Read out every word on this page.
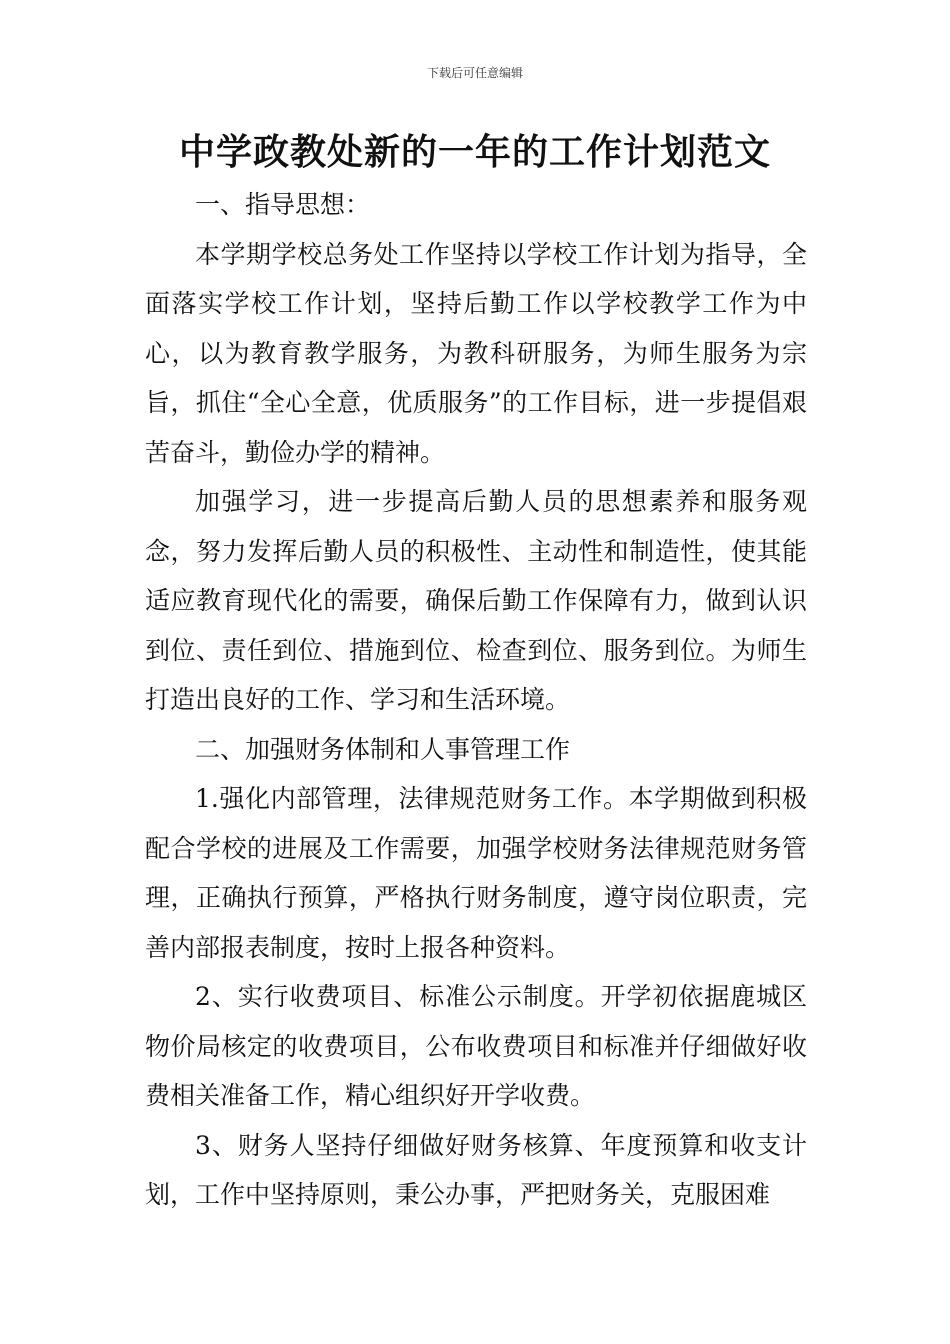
下载后可任意编辑
中学政教处新的一年的工作计划范文

一、指导思想：

本学期学校总务处工作坚持以学校工作计划为指导，全面落实学校工作计划，坚持后勤工作以学校教学工作为中心，以为教育教学服务，为教科研服务，为师生服务为宗旨，抓住“全心全意，优质服务”的工作目标，进一步提倡艰苦奋斗，勤俭办学的精神。

加强学习，进一步提高后勤人员的思想素养和服务观念，努力发挥后勤人员的积极性、主动性和制造性，使其能适应教育现代化的需要，确保后勤工作保障有力，做到认识到位、责任到位、措施到位、检查到位、服务到位。为师生打造出良好的工作、学习和生活环境。

二、加强财务体制和人事管理工作

1.强化内部管理，法律规范财务工作。本学期做到积极配合学校的进展及工作需要，加强学校财务法律规范财务管理，正确执行预算，严格执行财务制度，遵守岗位职责，完善内部报表制度，按时上报各种资料。

2、实行收费项目、标准公示制度。开学初依据鹿城区物价局核定的收费项目，公布收费项目和标准并仔细做好收费相关准备工作，精心组织好开学收费。

3、财务人坚持仔细做好财务核算、年度预算和收支计划，工作中坚持原则，秉公办事，严把财务关，克服困难
